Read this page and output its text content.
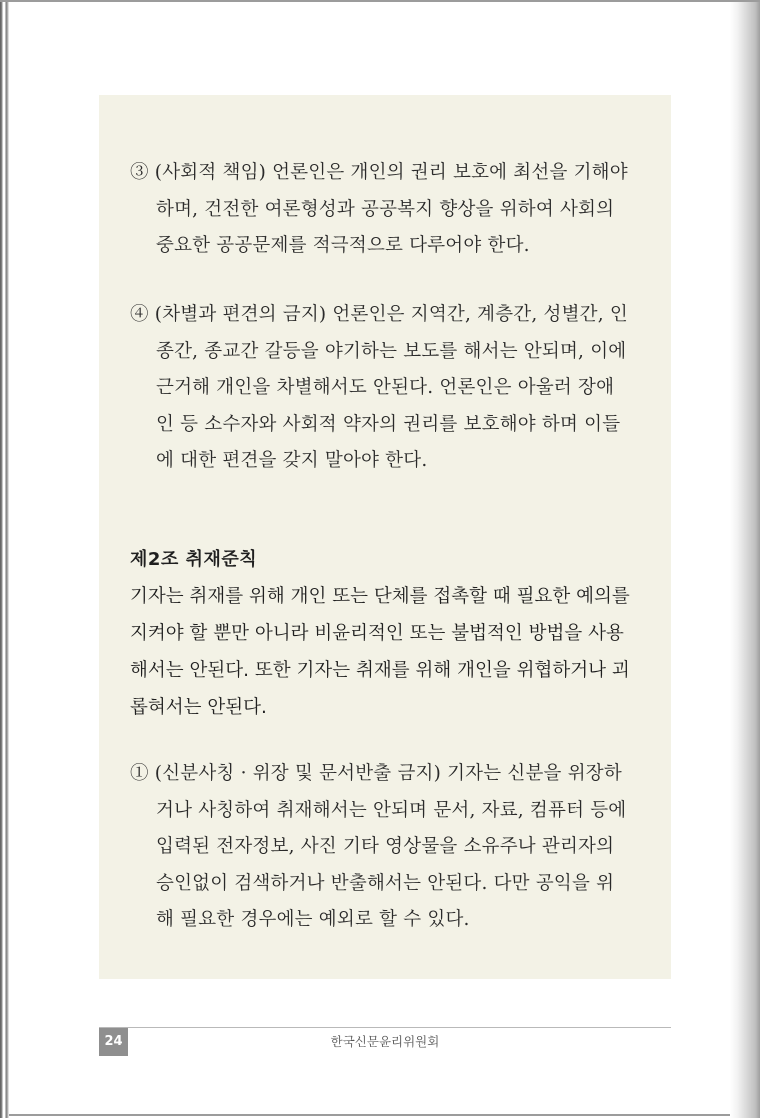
③ (사회적 책임) 언론인은 개인의 권리 보호에 최선을 기해야
하며, 건전한 여론형성과 공공복지 향상을 위하여 사회의
중요한 공공문제를 적극적으로 다루어야 한다.
④ (차별과 편견의 금지) 언론인은 지역간, 계층간, 성별간, 인
종간, 종교간 갈등을 야기하는 보도를 해서는 안되며, 이에
근거해 개인을 차별해서도 안된다. 언론인은 아울러 장애
인 등 소수자와 사회적 약자의 권리를 보호해야 하며 이들
에 대한 편견을 갖지 말아야 한다.
제2조 취재준칙
기자는 취재를 위해 개인 또는 단체를 접촉할 때 필요한 예의를
지켜야 할 뿐만 아니라 비윤리적인 또는 불법적인 방법을 사용
해서는 안된다. 또한 기자는 취재를 위해 개인을 위협하거나 괴
롭혀서는 안된다.
① (신분사칭 · 위장 및 문서반출 금지) 기자는 신분을 위장하
거나 사칭하여 취재해서는 안되며 문서, 자료, 컴퓨터 등에
입력된 전자정보, 사진 기타 영상물을 소유주나 관리자의
승인없이 검색하거나 반출해서는 안된다. 다만 공익을 위
해 필요한 경우에는 예외로 할 수 있다.
한국신문윤리위원회
24
